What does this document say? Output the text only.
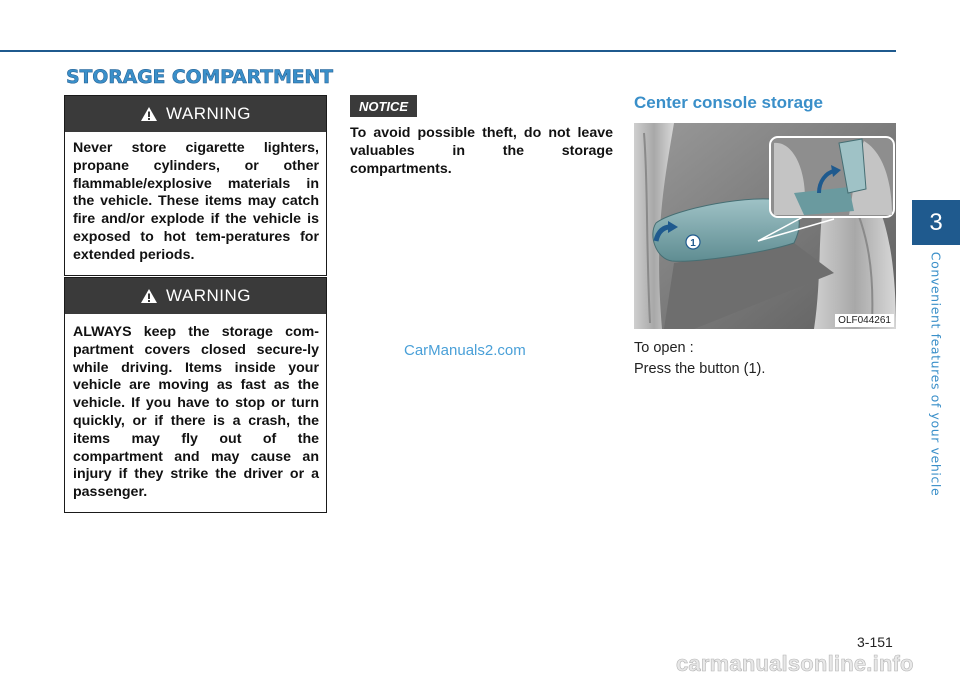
STORAGE COMPARTMENT
WARNING

Never store cigarette lighters, propane cylinders, or other flammable/explosive materials in the vehicle. These items may catch fire and/or explode if the vehicle is exposed to hot tem-peratures for extended periods.

WARNING

ALWAYS keep the storage com-partment covers closed secure-ly while driving. Items inside your vehicle are moving as fast as the vehicle. If you have to stop or turn quickly, or if there is a crash, the items may fly out of the compartment and may cause an injury if they strike the driver or a passenger.

NOTICE

To avoid possible theft, do not leave valuables in the storage compartments.

CarManuals2.com
Center console storage
1
OLF044261

To open :

Press the button (1).

3
Convenient features of your vehicle
3-151
carmanualsonline.info
